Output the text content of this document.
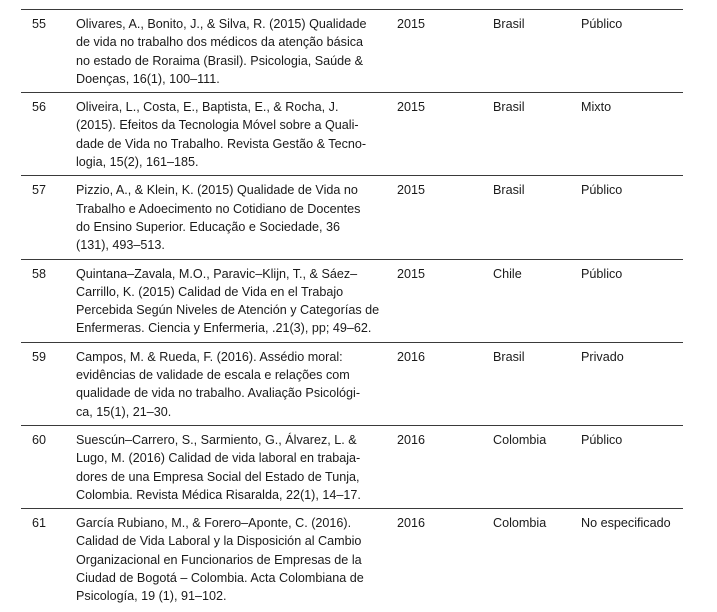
55 Olivares, A., Bonito, J., & Silva, R. (2015) Qualidade
de vida no trabalho dos médicos da atenção básica
no estado de Roraima (Brasil). Psicologia, Saúde &
Doenças, 16(1), 100–111.
2015	Brasil	Público
56 Oliveira, L., Costa, E., Baptista, E., & Rocha, J.
(2015). Efeitos da Tecnologia Móvel sobre a Quali-
dade de Vida no Trabalho. Revista Gestão & Tecno-
logia, 15(2), 161–185.
2015	Brasil	Mixto
57 Pizzio, A., & Klein, K. (2015) Qualidade de Vida no
Trabalho e Adoecimento no Cotidiano de Docentes
do Ensino Superior. Educação e Sociedade, 36
(131), 493–513.
2015	Brasil	Público
58 Quintana–Zavala, M.O., Paravic–Klijn, T., & Sáez–
Carrillo, K. (2015) Calidad de Vida en el Trabajo
Percebida Según Niveles de Atención y Categorías de
Enfermeras. Ciencia y Enfermeria, .21(3), pp; 49–62.
2015	Chile	Público
59 Campos, M. & Rueda, F. (2016). Assédio moral:
evidências de validade de escala e relações com
qualidade de vida no trabalho. Avaliação Psicológi-
ca, 15(1), 21–30.
2016	Brasil	Privado
60 Suescún–Carrero, S., Sarmiento, G., Álvarez, L. &
Lugo, M. (2016) Calidad de vida laboral en trabaja-
dores de una Empresa Social del Estado de Tunja,
Colombia. Revista Médica Risaralda, 22(1), 14–17.
2016	Colombia	Público
61 García Rubiano, M., & Forero–Aponte, C. (2016).
Calidad de Vida Laboral y la Disposición al Cambio
Organizacional en Funcionarios de Empresas de la
Ciudad de Bogotá – Colombia. Acta Colombiana de
Psicología, 19 (1), 91–102.
2016	Colombia	No especificado
